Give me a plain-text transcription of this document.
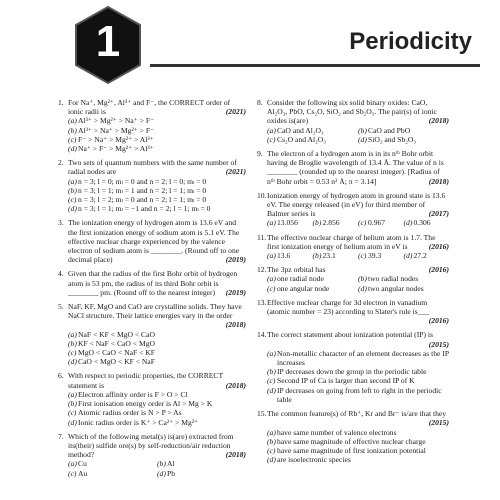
1	Periodicity
1. For Na⁺, Mg²⁺, Al³⁺ and F⁻, the CORRECT order of ionic radii is	(2021)
(a) Al³⁺ > Mg²⁺ > Na⁺ > F⁻
(b) Al³⁺ > Na⁺ > Mg²⁺ > F⁻
(c) F⁻ > Na⁺ > Mg²⁺ > Al³⁺
(d) Na⁺ > F⁻ > Mg²⁺ > Al³⁺
2. Two sets of quantum numbers with the same number of radial nodes are	(2021)
(a) n = 3; l = 0; mₗ = 0 and n = 2; l = 0; mₗ = 0
(b) n = 3; l = 1; mₗ = 1 and n = 2; l = 1; mₗ = 0
(c) n = 3; l = 2; mₗ = 0 and n = 2; l = 1; mₗ = 0
(d) n = 3; l = 1; mₗ = −1 and n = 2; l = 1; mₗ = 0
3. The ionization energy of hydrogen atom is 13.6 eV and the first ionization energy of sodium atom is 5.1 eV. The effective nuclear charge experienced by the valence electron of sodium atom is ________. (Round off to one decimal place)	(2019)
4. Given that the radius of the first Bohr orbit of hydrogen atom is 53 pm, the radius of its third Bohr orbit is ________ pm. (Round off to the nearest integer) (2019)
5. NaF, KF, MgO and CaO are crystalline solids. They have NaCl structure. Their lattice energies vary in the order
(2018)
(a) NaF < KF < MgO < CaO
(b) KF < NaF < CaO < MgO
(c) MgO < CaO < NaF < KF
(d) CaO < MgO < KF < NaF
6. With respect to periodic properties, the CORRECT statement is	(2018)
(a) Electron affinity order is F > O > Cl
(b) First ionisation energy order is Al > Mg > K
(c) Atomic radius order is N > P > As
(d) Ionic radius order is K⁺ > Ca²⁺ > Mg²⁺
7. Which of the following metal(s) is(are) extracted from its(their) sulfide ore(s) by self-reduction/air reduction method?	(2018)
(a) Cu	(b) Al
(c) Au	(d) Pb
8. Consider the following six solid binary oxides: CaO, Al₂O₃, PbO, Cs₂O, SiO₂ and Sb₂O₃. The pair(s) of ionic oxides is(are)	(2018)
(a) CaO and Al₂O₃	(b) CaO and PbO
(c) Cs₂O and Al₂O₃	(d) SiO₂ and Sb₂O₃
9. The electron of a hydrogen atom is in its nᵗʰ Bohr orbit having de Broglie wavelength of 13.4 Å. The value of n is ________ (rounded up to the nearest integer). [Radius of nᵗʰ Bohr orbit = 0.53 n² Å; π = 3.14]	(2018)
10. Ionization energy of hydrogen atom in ground state is 13.6 eV. The energy released (in eV) for third member of Balmer series is	(2017)
(a) 13.056 (b) 2.856 (c) 0.967 (d) 0.306
11. The effective nuclear charge of helium atom is 1.7. The first ionization energy of helium atom in eV is	(2016)
(a) 13.6	(b) 23.1	(c) 39.3	(d) 27.2
12. The 3pz orbital has	(2016)
(a) one radial node	(b) two radial nodes
(c) one angular node	(d) two angular nodes
13. Effective nuclear charge for 3d electron in vanadium (atomic number = 23) according to Slater's rule is___
(2016)
14. The correct statement about ionization potential (IP) is
(2015)
(a) Non-metallic character of an element decreases as the IP increases
(b) IP decreases down the group in the periodic table
(c) Second IP of Ca is larger than second IP of K
(d) IP decreases on going from left to right in the periodic table
15. The common feature(s) of Rb⁺, Kr and Br⁻ is/are that they
(2015)
(a) have same number of valence electrons
(b) have same magnitude of effective nuclear charge
(c) have same magnitude of first ionization potential
(d) are isoelectronic species
